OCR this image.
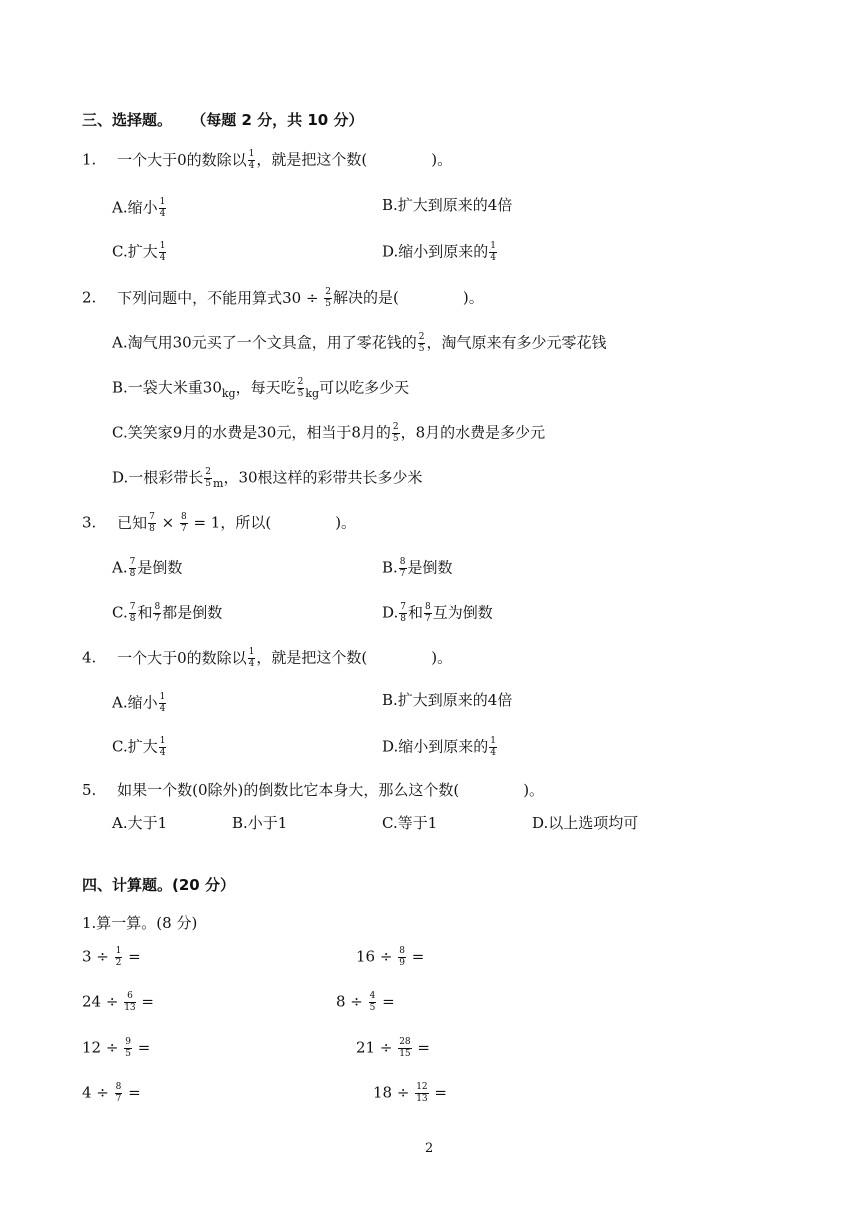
三、选择题。 （每题 2 分，共 10 分）
1. 一个大于0的数除以 $\frac{1}{4}$ ，就是把这个数(	)。
A.缩小 $\frac{1}{4}$	B.扩大到原来的4倍
C.扩大 $\frac{1}{4}$	D.缩小到原来的 $\frac{1}{4}$
2. 下列问题中，不能用算式$30 \div \frac{2}{5}$ 解决的是(	)。
A.淘气用30元买了一个文具盒，用了零花钱的 $\frac{2}{5}$ ，淘气原来有多少元零花钱
B.一袋大米重$30_{kg}$，每天吃 $\frac{2}{5} _{kg}$可以吃多少天
C.笑笑家9月的水费是30元，相当于8月的 $\frac{2}{5}$ ，8月的水费是多少元
D.一根彩带长 $\frac{2}{5} _m$，30根这样的彩带共长多少米
3. 已知 $\frac{7}{8} \times \frac{8}{7} = 1$，所以(	)。
A. $\frac{7}{8}$ 是倒数	B. $\frac{8}{7}$ 是倒数
C. $\frac{7}{8}$ 和 $\frac{8}{7}$ 都是倒数	D. $\frac{7}{8}$ 和 $\frac{8}{7}$ 互为倒数
4. 一个大于0的数除以 $\frac{1}{4}$ ，就是把这个数(	)。
A.缩小 $\frac{1}{4}$	B.扩大到原来的4倍
C.扩大 $\frac{1}{4}$	D.缩小到原来的 $\frac{1}{4}$
5. 如果一个数(0除外)的倒数比它本身大，那么这个数(	)。
A.大于1	B.小于1	C.等于1	D.以上选项均可
四、计算题。(20 分）
1.算一算。(8 分)
$3 \div \frac{1}{2}$ =	$16 \div \frac{8}{9}$ =
$24 \div \frac{6}{13}$ =	$8 \div \frac{4}{5}$ =
$12 \div \frac{9}{5}$ =	$21 \div \frac{28}{15}$ =
$4 \div \frac{8}{7}$ =	$18 \div \frac{12}{13}$ =
2
